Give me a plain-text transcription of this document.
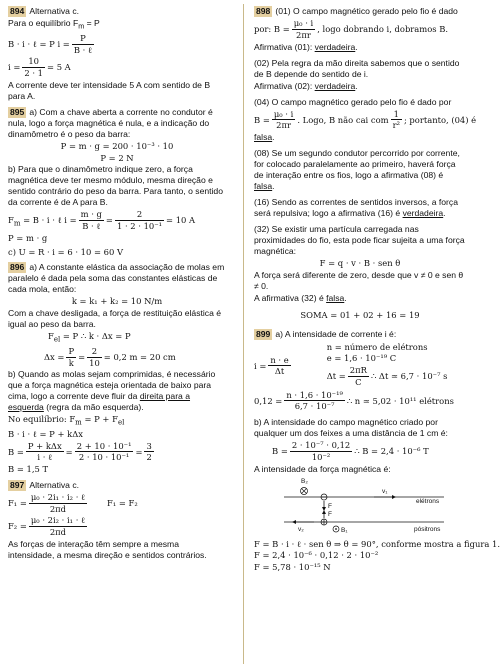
894 Alternativa c.

Para o equilíbrio $F_m = P$

B · i · ℓ = P $i = \frac{P}{\text{B · ℓ}}$
$i = \frac{10}{2 \cdot 1} = 5$ A

A corrente deve ter intensidade 5 A com sentido de B para A.

895 a) Com a chave aberta a corrente no condutor é nula, logo a força magnética é nula, e a indicação do dinamômetro é o peso da barra:

P = m · g = 200 · 10⁻³ · 10
P = 2 N

b) Para que o dinamômetro indique zero, a força magnética deve ter mesmo módulo, mesma direção e sentido contrário do peso da barra. Para tanto, o sentido da corrente é de A para B.

$F_m = B \cdot i$ · ℓ $i = \frac{m \cdot g}{\text{B · ℓ}} = \frac{2}{\text{1 · 2 · 10⁻¹}} = 10$ A
P = m · g
c) U = R · i = 6 · 10 = 60 V

896 a) A constante elástica da associação de molas em paralelo é dada pela soma das constantes elásticas de cada mola, então:

k = k₁ + k₂ = 10 N/m

Com a chave desligada, a força de restituição elástica é igual ao peso da barra.

$F_{el} = P$ ∴ k · Δx = P
$\Delta x = \frac{P}{k} = \frac{2}{10} = 0,2$ m = 20 cm

b) Quando as molas sejam comprimidas, é necessário que a força magnética esteja orientada de baixo para cima, logo a corrente deve fluir da direita para a esquerda (regra da mão esquerda).

No equilíbrio: $F_m = P + F_{el}$
B · i · ℓ = P + kΔx
$B = \frac{\text{P + kΔx}}{\text{i · ℓ}} = \frac{\text{2 + 10 · 10⁻¹}}{\text{2 · 10 · 10⁻¹}} = \frac{3}{2}$
B = 1,5 T

897 Alternativa c.

$F_1 = \frac{\text{μ₀ · 2i₁ · i₂ · ℓ}}{2\pi d} F_1 = F_2$
$F_2 = \frac{\text{μ₀ · 2i₂ · i₁ · ℓ}}{2\pi d}$

As forças de interação têm sempre a mesma intensidade, a mesma direção e sentidos contrários.

898 (01) O campo magnético gerado pelo fio é dado

por: $B = \frac{\text{μ₀ · i}}{2\pi r}$ , logo dobrando i, dobramos B.

Afirmativa (01): verdadeira.

(02) Pela regra da mão direita sabemos que o sentido de B depende do sentido de i.

Afirmativa (02): verdadeira.

(04) O campo magnético gerado pelo fio é dado por

$B = \frac{\text{μ₀ · i}}{2\pi r}$ . Logo, B não cai com $\frac{1}{\text{r²}}$ ; portanto, (04) é

falsa.

(08) Se um segundo condutor percorrido por corrente, for colocado paralelamente ao primeiro, haverá força de interação entre os fios, logo a afirmativa (08) é falsa.

(16) Sendo as correntes de sentidos inversos, a força será repulsiva; logo a afirmativa (16) é verdadeira.

(32) Se existir uma partícula carregada nas proximidades do fio, esta pode ficar sujeita a uma força magnética:

F = q · v · B · sen θ

A força será diferente de zero, desde que v ≠ 0 e sen θ ≠ 0.

A afirmativa (32) é falsa.

SOMA = 01 + 02 + 16 = 19

899 a) A intensidade de corrente i é:

$i = \frac{n \cdot e}{\Delta t}$
n = número de elétrons
e = 1,6 · 10⁻¹⁹ C
$\Delta t = \frac{2\pi R}{C}$ ∴ Δt ≃ 6,7 · 10⁻⁷ s
$0,12 = \frac{\text{n · 1,6 · 10⁻¹⁹}}{\text{6,7 · 10⁻⁷}}$ ∴ n ≃ 5,02 · 10¹¹ elétrons

b) A intensidade do campo magnético criado por qualquer um dos feixes a uma distância de 1 cm é:

$B = \frac{\text{2 · 10⁻⁷ · 0,12}}{\text{10⁻²}}$ ∴ B = 2,4 · 10⁻⁶ T

A intensidade da força magnética é:

v₁
elétrons
B₂
F
F
v₂	B₁	pósitrons
F = B · i · ℓ · sen θ ⇒ θ = 90°, conforme mostra a figura 1.
F = 2,4 · 10⁻⁶ · 0,12 · 2 · 10⁻²
F = 5,78 · 10⁻¹⁵ N
